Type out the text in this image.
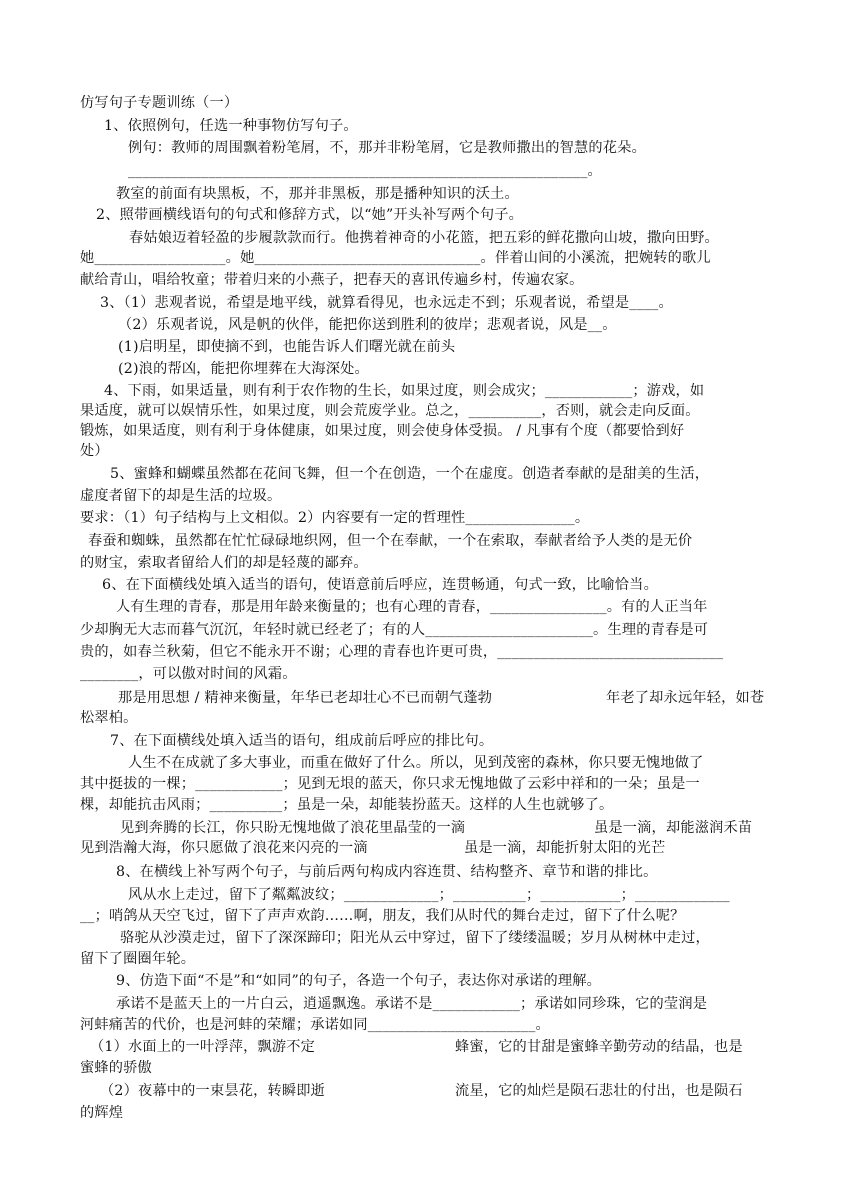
仿写句子专题训练（一）
1、依照例句，任选一种事物仿写句子。
例句：教师的周围飘着粉笔屑，不，那并非粉笔屑，它是教师撒出的智慧的花朵。
_______________________________________________________________。
教室的前面有块黑板，不，那并非黑板，那是播种知识的沃土。
2、照带画横线语句的句式和修辞方式，以“她”开头补写两个句子。
春姑娘迈着轻盈的步履款款而行。他携着神奇的小花篮，把五彩的鲜花撒向山坡，撒向田野。
她__________________。她_______________________________。伴着山间的小溪流，把婉转的歌儿
献给青山，唱给牧童；带着归来的小燕子，把春天的喜讯传遍乡村，传遍农家。
3、（1）悲观者说，希望是地平线，就算看得见，也永远走不到；乐观者说，希望是____。
（2）乐观者说，风是帆的伙伴，能把你送到胜利的彼岸；悲观者说，风是__。
(1)启明星，即使摘不到，也能告诉人们曙光就在前头
(2)浪的帮凶，能把你埋葬在大海深处。
4、下雨，如果适量，则有利于农作物的生长，如果过度，则会成灾；____________；游戏，如
果适度，就可以娱情乐性，如果过度，则会荒废学业。总之，__________，否则，就会走向反面。
锻炼，如果适度，则有利于身体健康，如果过度，则会使身体受损。 / 凡事有个度（都要恰到好
处）
5、蜜蜂和蝴蝶虽然都在花间飞舞，但一个在创造，一个在虚度。创造者奉献的是甜美的生活，
虚度者留下的却是生活的垃圾。
要求：（1）句子结构与上文相似。2）内容要有一定的哲理性_______________。
春蚕和蜘蛛，虽然都在忙忙碌碌地织网，但一个在奉献，一个在索取，奉献者给予人类的是无价
的财宝，索取者留给人们的却是轻蔑的鄙弃。
6、在下面横线处填入适当的语句，使语意前后呼应，连贯畅通，句式一致，比喻恰当。
人有生理的青春，那是用年龄来衡量的；也有心理的青春，________________。有的人正当年
少却胸无大志而暮气沉沉，年轻时就已经老了；有的人_______________________。生理的青春是可
贵的，如春兰秋菊，但它不能永开不谢；心理的青春也许更可贵，_______________________________
________，可以傲对时间的风霜。
那是用思想 / 精神来衡量，年华已老却壮心不已而朝气蓬勃	年老了却永远年轻，如苍
松翠柏。
7、在下面横线处填入适当的语句，组成前后呼应的排比句。
人生不在成就了多大事业，而重在做好了什么。所以，见到茂密的森林，你只要无愧地做了
其中挺拔的一棵；____________；见到无垠的蓝天，你只求无愧地做了云彩中祥和的一朵；虽是一
棵，却能抗击风雨；__________；虽是一朵，却能装扮蓝天。这样的人生也就够了。
见到奔腾的长江，你只盼无愧地做了浪花里晶莹的一滴	虽是一滴，却能滋润禾苗
见到浩瀚大海，你只愿做了浪花来闪亮的一滴	虽是一滴，却能折射太阳的光芒
8、在横线上补写两个句子，与前后两句构成内容连贯、结构整齐、章节和谐的排比。
风从水上走过，留下了粼粼波纹；_____________；__________；___________；_____________
__；哨鸽从天空飞过，留下了声声欢韵……啊，朋友，我们从时代的舞台走过，留下了什么呢？
骆驼从沙漠走过，留下了深深蹄印；阳光从云中穿过，留下了缕缕温暖；岁月从树林中走过，
留下了圈圈年轮。
9、仿造下面“不是”和“如同”的句子，各造一个句子，表达你对承诺的理解。
承诺不是蓝天上的一片白云，逍遥飘逸。承诺不是____________；承诺如同珍珠，它的莹润是
河蚌痛苦的代价，也是河蚌的荣耀；承诺如同_______________________。
（1）水面上的一叶浮萍，飘游不定	蜂蜜，它的甘甜是蜜蜂辛勤劳动的结晶，也是
蜜蜂的骄傲
（2）夜幕中的一束昙花，转瞬即逝	流星，它的灿烂是陨石悲壮的付出，也是陨石
的辉煌
